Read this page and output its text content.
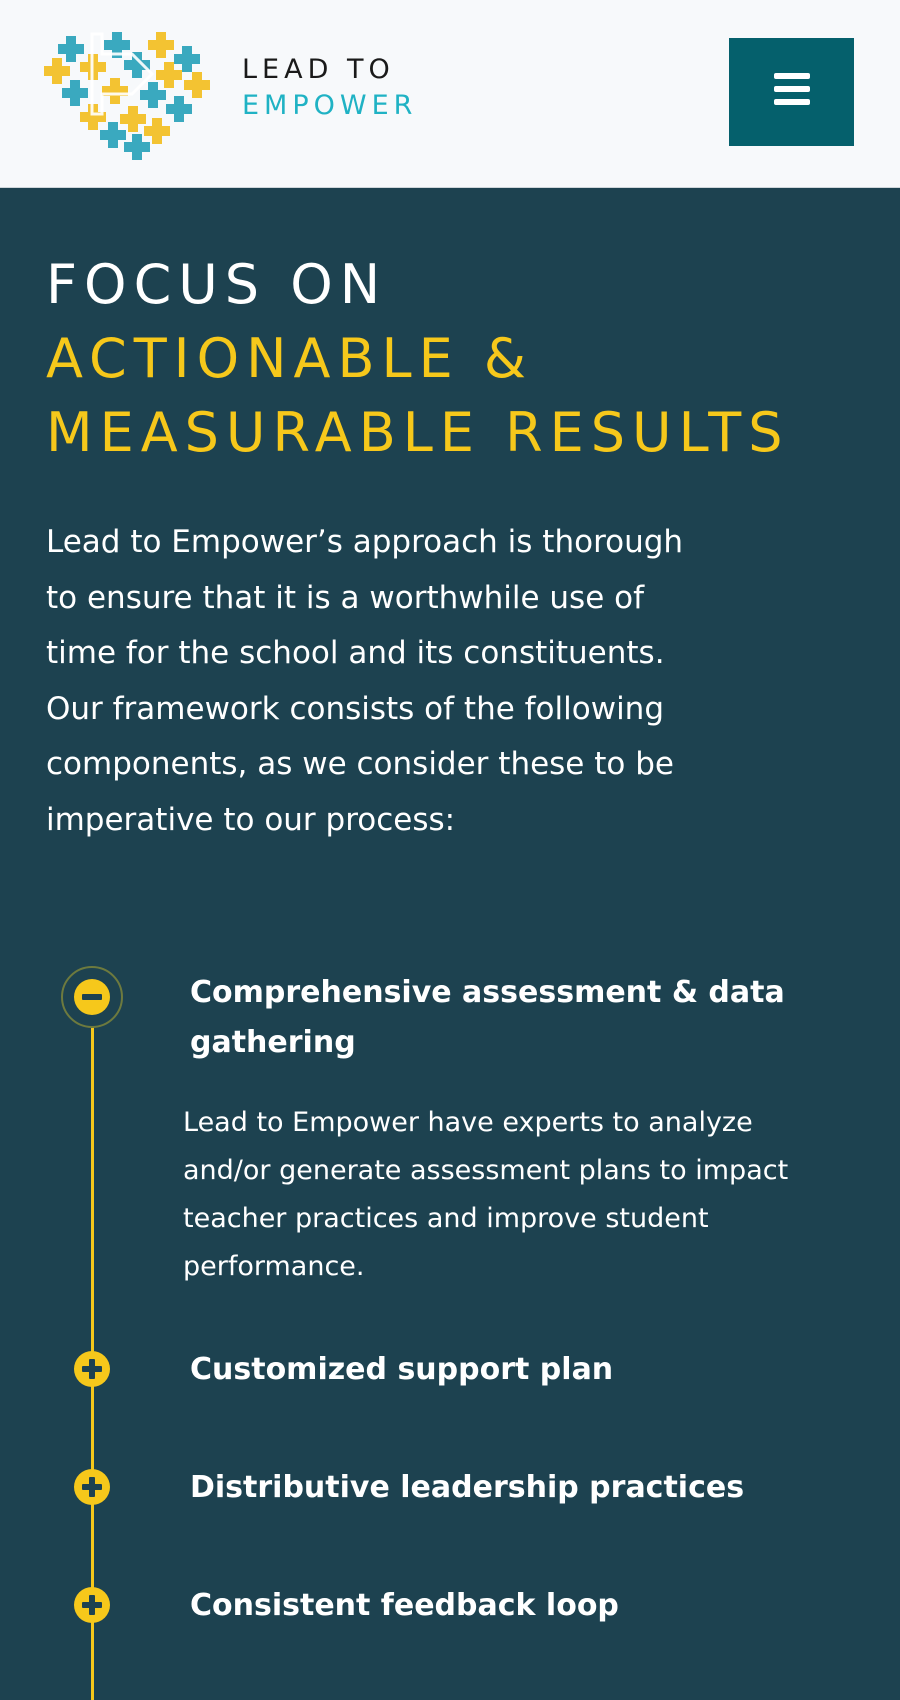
LEAD TO
EMPOWER
FOCUS ON
ACTIONABLE &
MEASURABLE RESULTS

Lead to Empower’s approach is thorough to ensure that it is a worthwhile use of time for the school and its constituents. Our framework consists of the following components, as we consider these to be imperative to our process:

Comprehensive assessment & data gathering

Lead to Empower have experts to analyze and/or generate assessment plans to impact teacher practices and improve student performance.

Customized support plan

Distributive leadership practices

Consistent feedback loop
